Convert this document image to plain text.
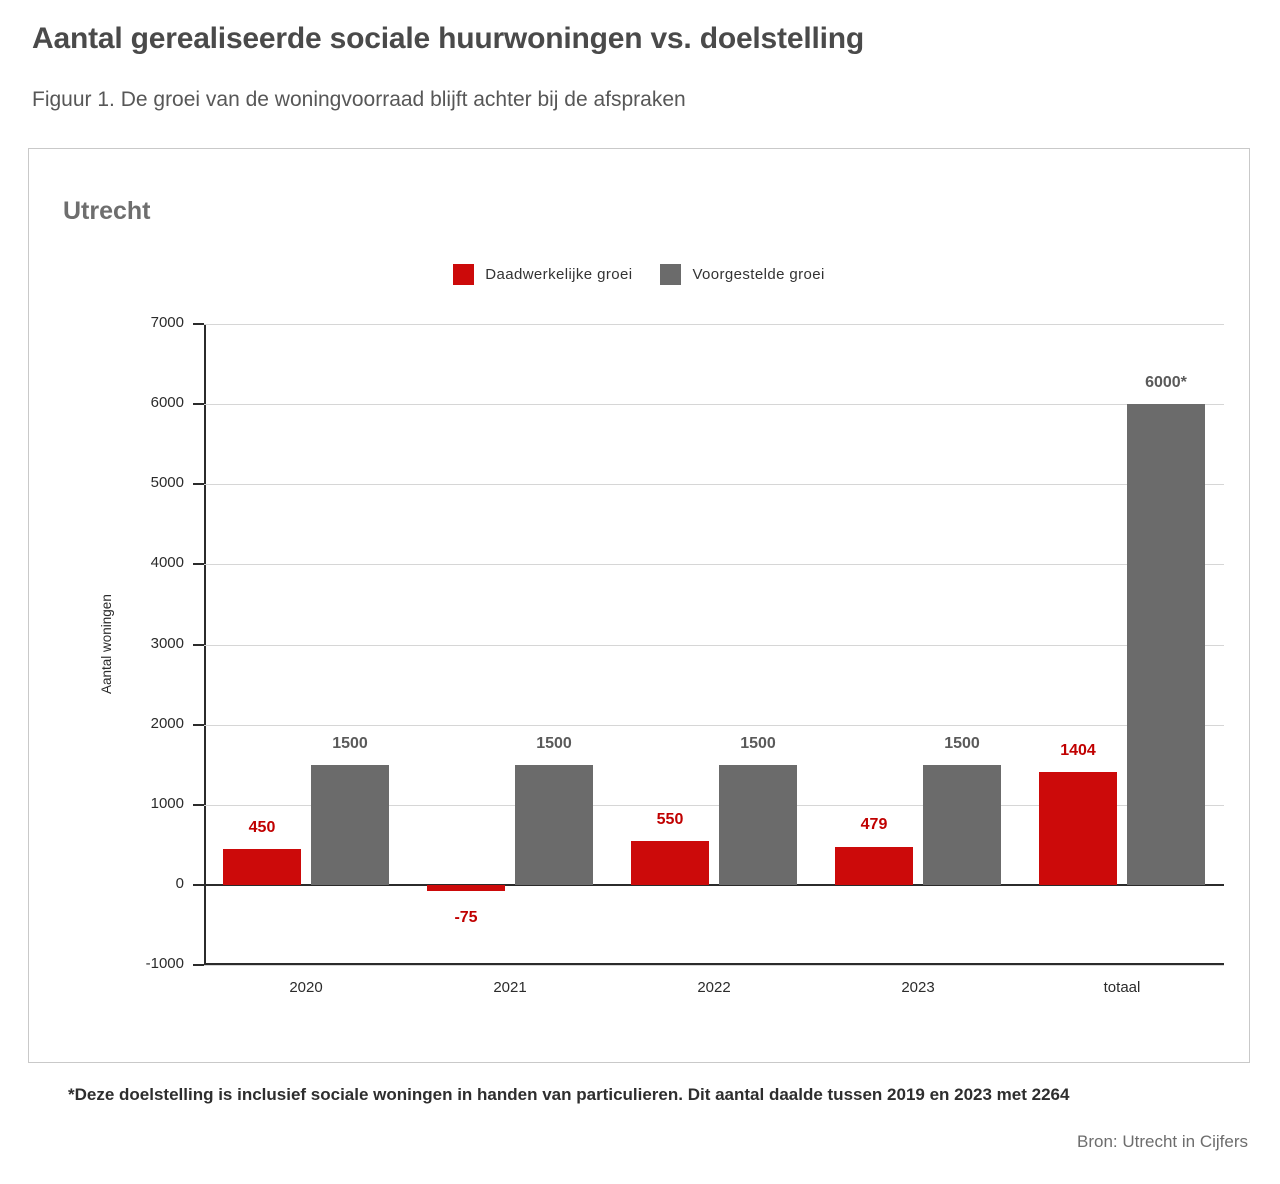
Aantal gerealiseerde sociale huurwoningen vs. doelstelling
Figuur 1. De groei van de woningvoorraad blijft achter bij de afspraken
Utrecht
Daadwerkelijke groei	Voorgestelde groei
Aantal woningen
7000
6000
5000
4000
3000
2000
1000
0
-1000
450
1500
2020
-75
1500
2021
550
1500
2022
479
1500
2023
1404
6000*
totaal
*Deze doelstelling is inclusief sociale woningen in handen van particulieren. Dit aantal daalde tussen 2019 en 2023 met 2264
Bron: Utrecht in Cijfers
